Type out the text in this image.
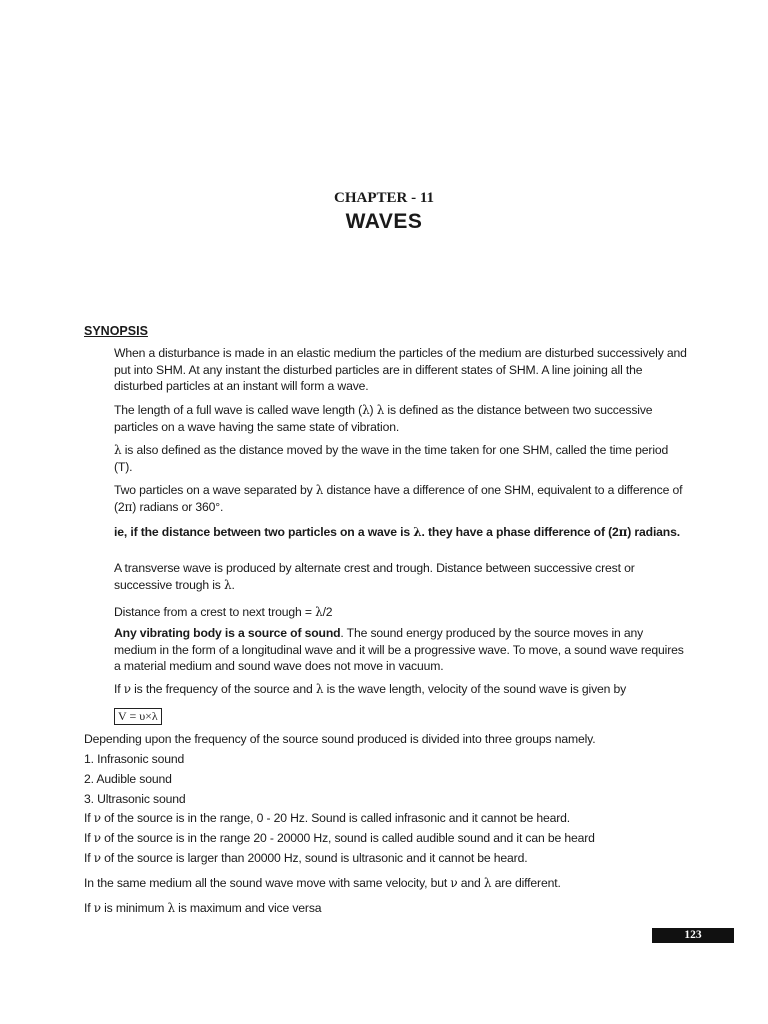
CHAPTER - 11
WAVES
SYNOPSIS
When a disturbance is made in an elastic medium the particles of the medium are disturbed successively and put into SHM. At any instant the disturbed particles are in different states of SHM. A line joining all the disturbed particles at an instant will form a wave.
The length of a full wave is called wave length (λ) λ is defined as the distance between two successive particles on a wave having the same state of vibration.
λ is also defined as the distance moved by the wave in the time taken for one SHM, called the time period (T).
Two particles on a wave separated by λ distance have a difference of one SHM, equivalent to a difference of (2π) radians or 360°.
ie, if the distance between two particles on a wave is λ. they have a phase difference of (2π) radians.
A transverse wave is produced by alternate crest and trough. Distance between successive crest or successive trough is λ.
Distance from a crest to next trough = λ/2
Any vibrating body is a source of sound. The sound energy produced by the source moves in any medium in the form of a longitudinal wave and it will be a progressive wave. To move, a sound wave requires a material medium and sound wave does not move in vacuum.
If ν is the frequency of the source and λ is the wave length, velocity of the sound wave is given by
V = υ×λ
Depending upon the frequency of the source sound produced is divided into three groups namely.
1. Infrasonic sound
2. Audible sound
3. Ultrasonic sound
If ν of the source is in the range, 0 - 20 Hz. Sound is called infrasonic and it cannot be heard.
If ν of the source is in the range 20 - 20000 Hz, sound is called audible sound and it can be heard
If ν of the source is larger than 20000 Hz, sound is ultrasonic and it cannot be heard.
In the same medium all the sound wave move with same velocity, but ν and λ are different.
If ν is minimum λ is maximum and vice versa
123
